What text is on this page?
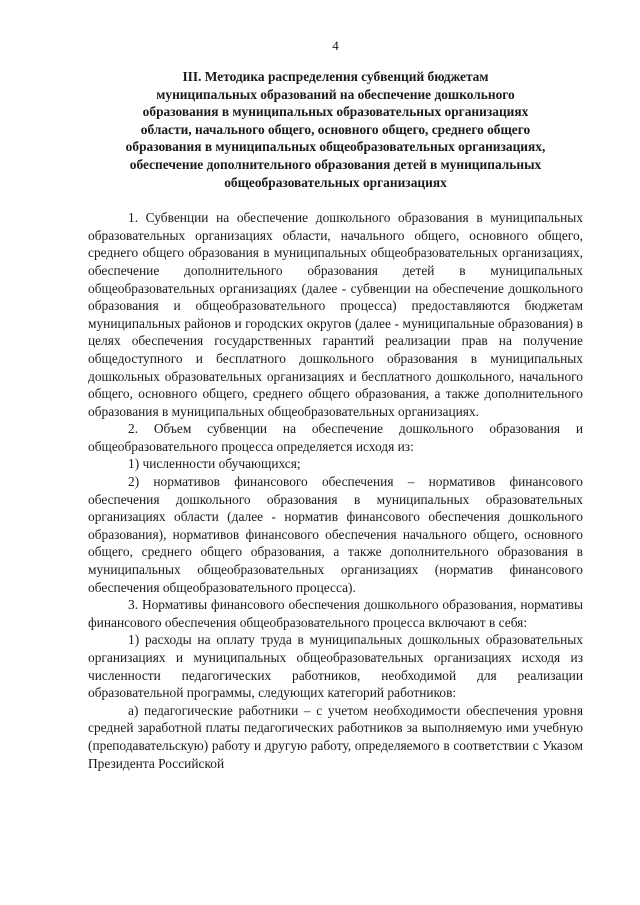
4
III. Методика распределения субвенций бюджетам
муниципальных образований на обеспечение дошкольного
образования в муниципальных образовательных организациях
области, начального общего, основного общего, среднего общего
образования в муниципальных общеобразовательных организациях,
обеспечение дополнительного образования детей в муниципальных
общеобразовательных организациях

1. Субвенции на обеспечение дошкольного образования в муниципальных образовательных организациях области, начального общего, основного общего, среднего общего образования в муниципальных общеобразовательных организациях, обеспечение дополнительного образования детей в муниципальных общеобразовательных организациях (далее - субвенции на обеспечение дошкольного образования и общеобразовательного процесса) предоставляются бюджетам муниципальных районов и городских округов (далее - муниципальные образования) в целях обеспечения государственных гарантий реализации прав на получение общедоступного и бесплатного дошкольного образования в муниципальных дошкольных образовательных организациях и бесплатного дошкольного, начального общего, основного общего, среднего общего образования, а также дополнительного образования в муниципальных общеобразовательных организациях.

2. Объем субвенции на обеспечение дошкольного образования и общеобразовательного процесса определяется исходя из:

1) численности обучающихся;

2) нормативов финансового обеспечения – нормативов финансового обеспечения дошкольного образования в муниципальных образовательных организациях области (далее - норматив финансового обеспечения дошкольного образования), нормативов финансового обеспечения начального общего, основного общего, среднего общего образования, а также дополнительного образования в муниципальных общеобразовательных организациях (норматив финансового обеспечения общеобразовательного процесса).

3. Нормативы финансового обеспечения дошкольного образования, нормативы финансового обеспечения общеобразовательного процесса включают в себя:

1) расходы на оплату труда в муниципальных дошкольных образовательных организациях и муниципальных общеобразовательных организациях исходя из численности педагогических работников, необходимой для реализации образовательной программы, следующих категорий работников:

а) педагогические работники – с учетом необходимости обеспечения уровня средней заработной платы педагогических работников за выполняемую ими учебную (преподавательскую) работу и другую работу, определяемого в соответствии с Указом Президента Российской
